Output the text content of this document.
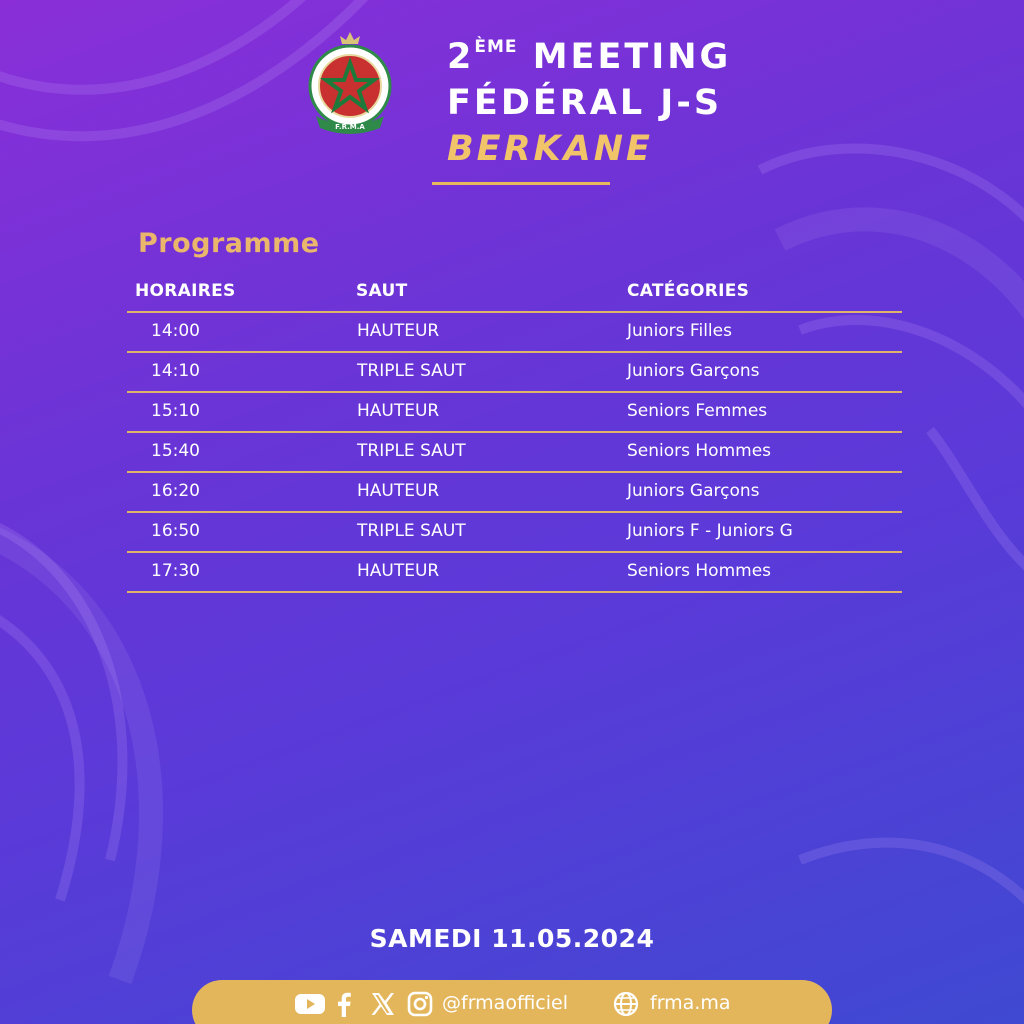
F.R.M.A
2ÈME MEETING
FÉDÉRAL J-S
BERKANE
Programme
HORAIRES	SAUT	CATÉGORIES
14:00	HAUTEUR	Juniors Filles
14:10	TRIPLE SAUT	Juniors Garçons
15:10	HAUTEUR	Seniors Femmes
15:40	TRIPLE SAUT	Seniors Hommes
16:20	HAUTEUR	Juniors Garçons
16:50	TRIPLE SAUT	Juniors F - Juniors G
17:30	HAUTEUR	Seniors Hommes
SAMEDI 11.05.2024
@frmaofficiel	frma.ma
